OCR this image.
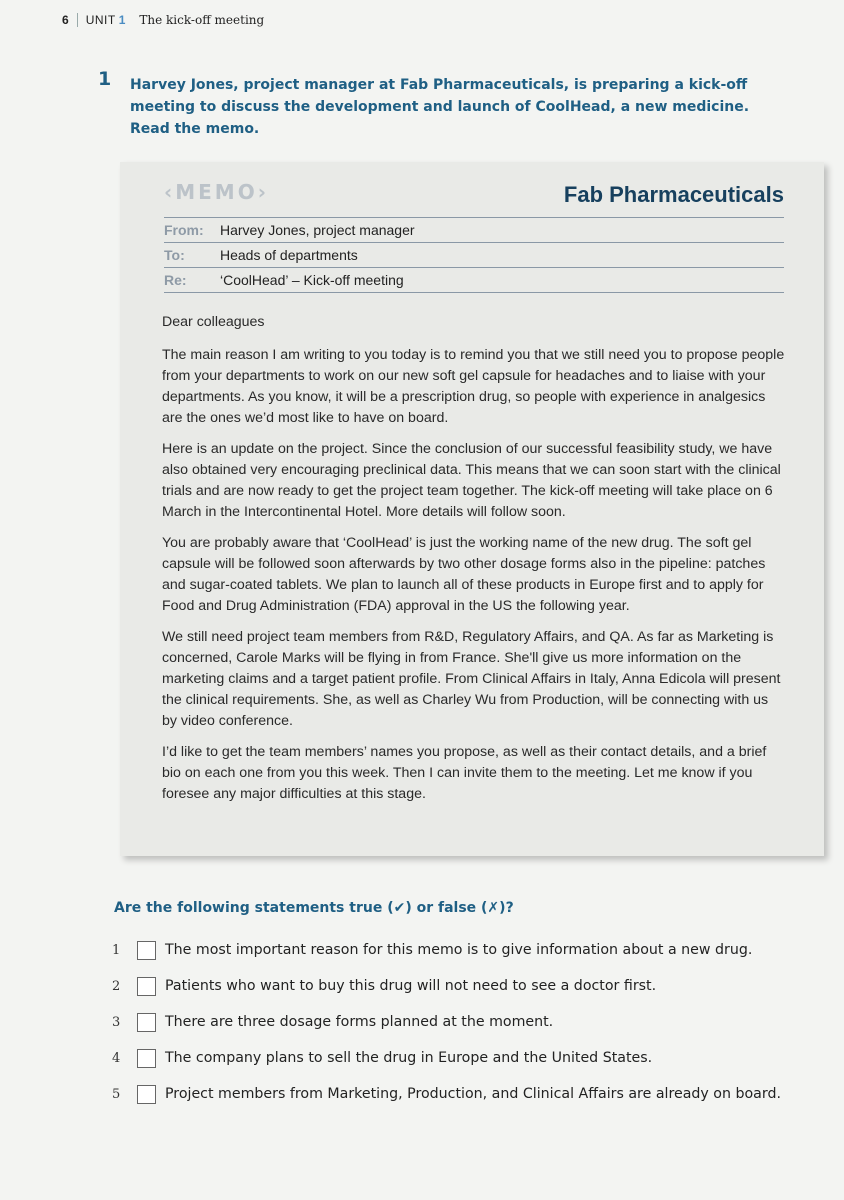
6 UNIT 1 The kick-off meeting
1 Harvey Jones, project manager at Fab Pharmaceuticals, is preparing a kick-off meeting to discuss the development and launch of CoolHead, a new medicine. Read the memo.
‹MEMO›	Fab Pharmaceuticals
From:	Harvey Jones, project manager
To:	Heads of departments
Re:	‘CoolHead’ – Kick-off meeting

Dear colleagues

The main reason I am writing to you today is to remind you that we still need you to propose people from your departments to work on our new soft gel capsule for headaches and to liaise with your departments. As you know, it will be a prescription drug, so people with experience in analgesics are the ones we’d most like to have on board.

Here is an update on the project. Since the conclusion of our successful feasibility study, we have also obtained very encouraging preclinical data. This means that we can soon start with the clinical trials and are now ready to get the project team together. The kick-off meeting will take place on 6 March in the Intercontinental Hotel. More details will follow soon.

You are probably aware that ‘CoolHead’ is just the working name of the new drug. The soft gel capsule will be followed soon afterwards by two other dosage forms also in the pipeline: patches and sugar-coated tablets. We plan to launch all of these products in Europe first and to apply for Food and Drug Administration (FDA) approval in the US the following year.

We still need project team members from R&D, Regulatory Affairs, and QA. As far as Marketing is concerned, Carole Marks will be flying in from France. She'll give us more information on the marketing claims and a target patient profile. From Clinical Affairs in Italy, Anna Edicola will present the clinical requirements. She, as well as Charley Wu from Production, will be connecting with us by video conference.

I’d like to get the team members’ names you propose, as well as their contact details, and a brief bio on each one from you this week. Then I can invite them to the meeting. Let me know if you foresee any major difficulties at this stage.

Are the following statements true (✔) or false (✗)?
1	The most important reason for this memo is to give information about a new drug.
2	Patients who want to buy this drug will not need to see a doctor first.
3	There are three dosage forms planned at the moment.
4	The company plans to sell the drug in Europe and the United States.
5	Project members from Marketing, Production, and Clinical Affairs are already on board.
